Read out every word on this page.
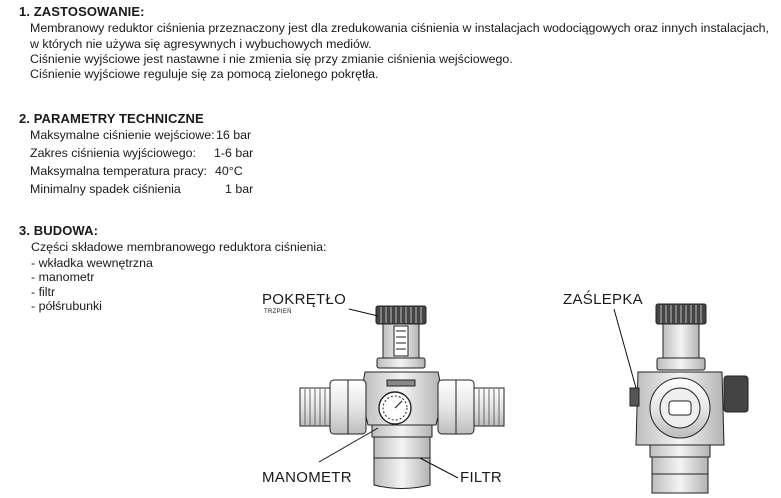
1. ZASTOSOWANIE:
Membranowy reduktor ciśnienia przeznaczony jest dla zredukowania ciśnienia w instalacjach wodociągowych oraz innych instalacjach,
w których nie używa się agresywnych i wybuchowych mediów.
Ciśnienie wyjściowe jest nastawne i nie zmienia się przy zmianie ciśnienia wejściowego.
Ciśnienie wyjściowe reguluje się za pomocą zielonego pokrętła.
2. PARAMETRY TECHNICZNE
Maksymalne ciśnienie wejściowe: 16 bar
Zakres ciśnienia wyjściowego: 1-6 bar
Maksymalna temperatura pracy: 40°C
Minimalny spadek ciśnienia	1 bar
3. BUDOWA:
Części składowe membranowego reduktora ciśnienia:
- wkładka wewnętrzna
- manometr
- filtr
- półśrubunki	POKRĘTŁO
TRZPIEŃ
MANOMETR	FILTR
ZAŚLEPKA
